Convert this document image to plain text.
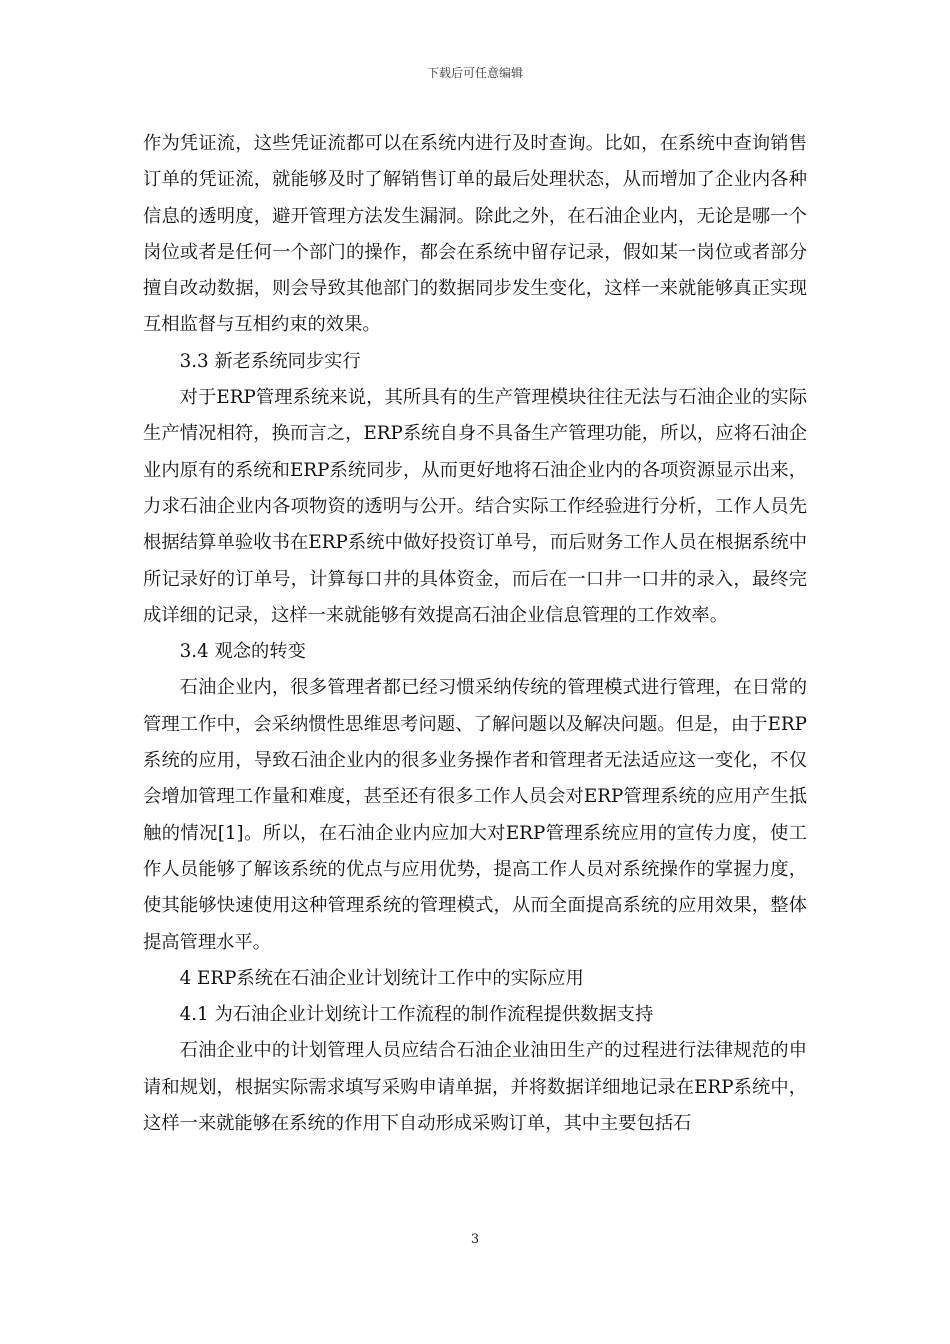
下载后可任意编辑

作为凭证流，这些凭证流都可以在系统内进行及时查询。比如，在系统中查询销售订单的凭证流，就能够及时了解销售订单的最后处理状态，从而增加了企业内各种信息的透明度，避开管理方法发生漏洞。除此之外，在石油企业内，无论是哪一个岗位或者是任何一个部门的操作，都会在系统中留存记录，假如某一岗位或者部分擅自改动数据，则会导致其他部门的数据同步发生变化，这样一来就能够真正实现互相监督与互相约束的效果。

3.3 新老系统同步实行

对于ERP管理系统来说，其所具有的生产管理模块往往无法与石油企业的实际生产情况相符，换而言之，ERP系统自身不具备生产管理功能，所以，应将石油企业内原有的系统和ERP系统同步，从而更好地将石油企业内的各项资源显示出来，力求石油企业内各项物资的透明与公开。结合实际工作经验进行分析，工作人员先根据结算单验收书在ERP系统中做好投资订单号，而后财务工作人员在根据系统中所记录好的订单号，计算每口井的具体资金，而后在一口井一口井的录入，最终完成详细的记录，这样一来就能够有效提高石油企业信息管理的工作效率。

3.4 观念的转变

石油企业内，很多管理者都已经习惯采纳传统的管理模式进行管理，在日常的管理工作中，会采纳惯性思维思考问题、了解问题以及解决问题。但是，由于ERP系统的应用，导致石油企业内的很多业务操作者和管理者无法适应这一变化，不仅会增加管理工作量和难度，甚至还有很多工作人员会对ERP管理系统的应用产生抵触的情况[1]。所以，在石油企业内应加大对ERP管理系统应用的宣传力度，使工作人员能够了解该系统的优点与应用优势，提高工作人员对系统操作的掌握力度，使其能够快速使用这种管理系统的管理模式，从而全面提高系统的应用效果，整体提高管理水平。

4 ERP系统在石油企业计划统计工作中的实际应用

4.1 为石油企业计划统计工作流程的制作流程提供数据支持

石油企业中的计划管理人员应结合石油企业油田生产的过程进行法律规范的申请和规划，根据实际需求填写采购申请单据，并将数据详细地记录在ERP系统中，这样一来就能够在系统的作用下自动形成采购订单，其中主要包括石

3
